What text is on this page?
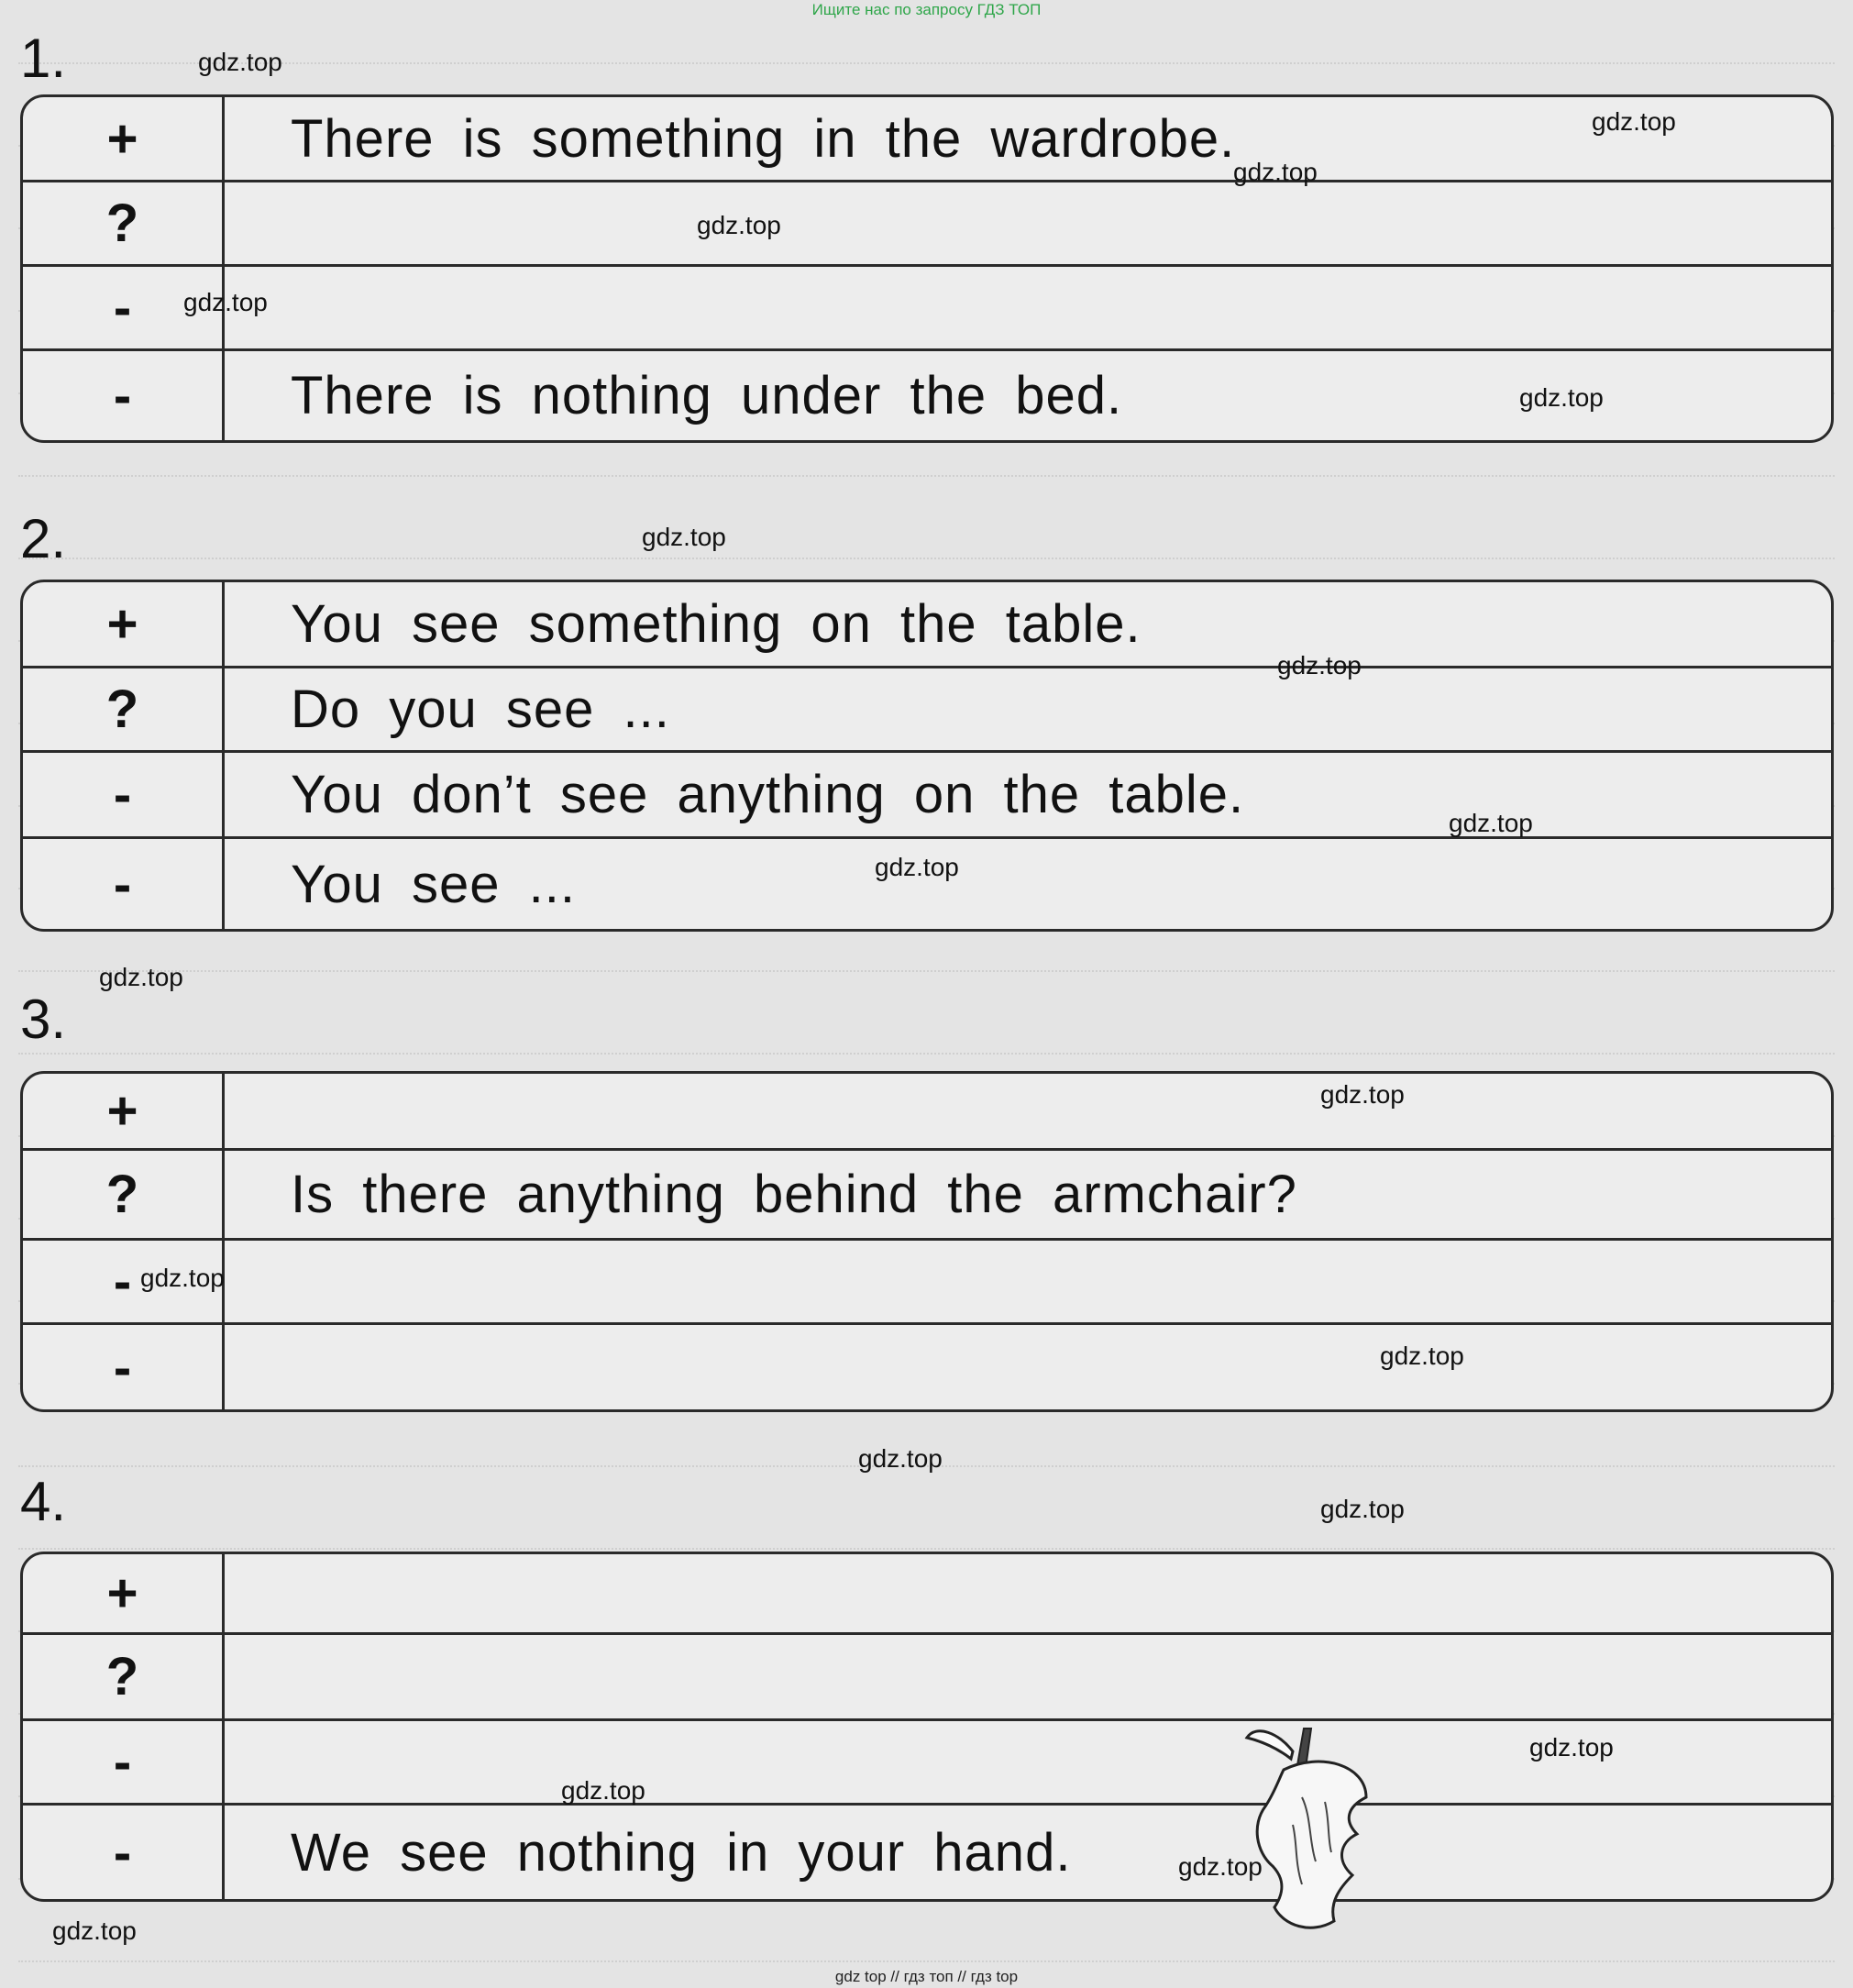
Ищите нас по запросу ГДЗ ТОП
1.
+	There is something in the wardrobe.
?
-
-	There is nothing under the bed.
2.
+	You see something on the table.
?	Do you see ...
-	You don’t see anything on the table.
-	You see ...
3.
+
?	Is there anything behind the armchair?
-
-
4.
+
?
-
-	We see nothing in your hand.
gdz.top
gdz.top
gdz.top
gdz.top
gdz.top
gdz.top
gdz.top
gdz.top
gdz.top
gdz.top
gdz.top
gdz.top
gdz.top
gdz.top
gdz.top
gdz.top
gdz.top
gdz.top
gdz.top
gdz.top
gdz top // гдз топ // гдз top
